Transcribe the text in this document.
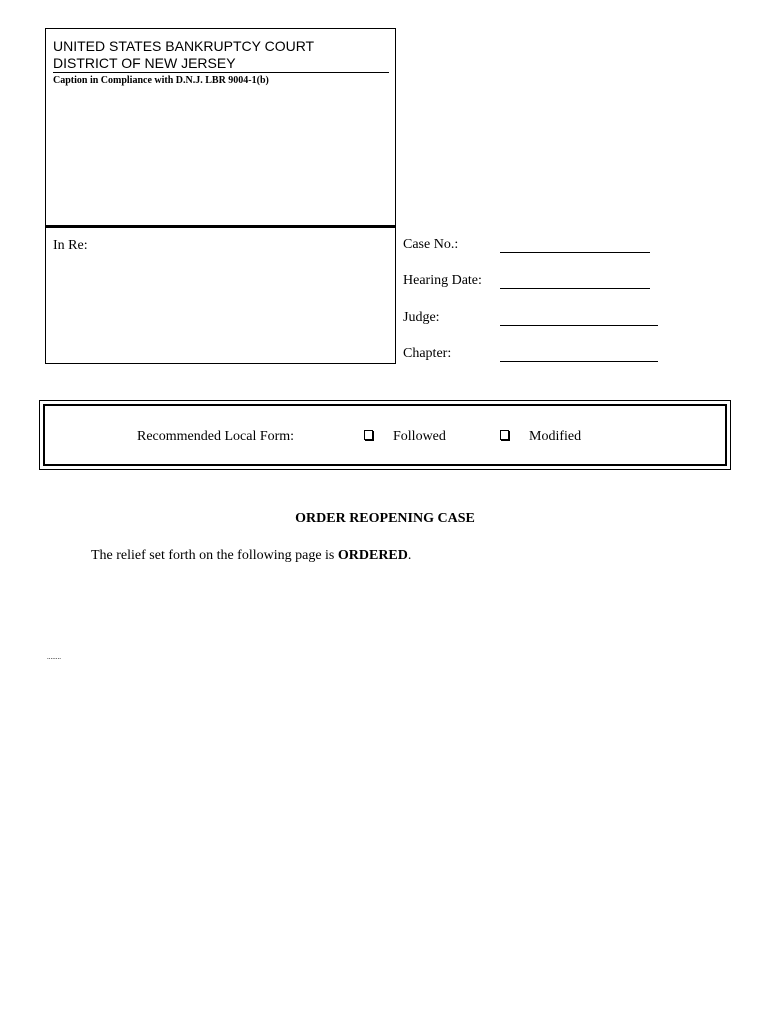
UNITED STATES BANKRUPTCY COURT
DISTRICT OF NEW JERSEY
Caption in Compliance with D.N.J. LBR 9004-1(b)
In Re:	Case No.:
Hearing Date:
Judge:
Chapter:
Recommended Local Form:	Followed	Modified
ORDER REOPENING CASE
The relief set forth on the following page is ORDERED.
........
